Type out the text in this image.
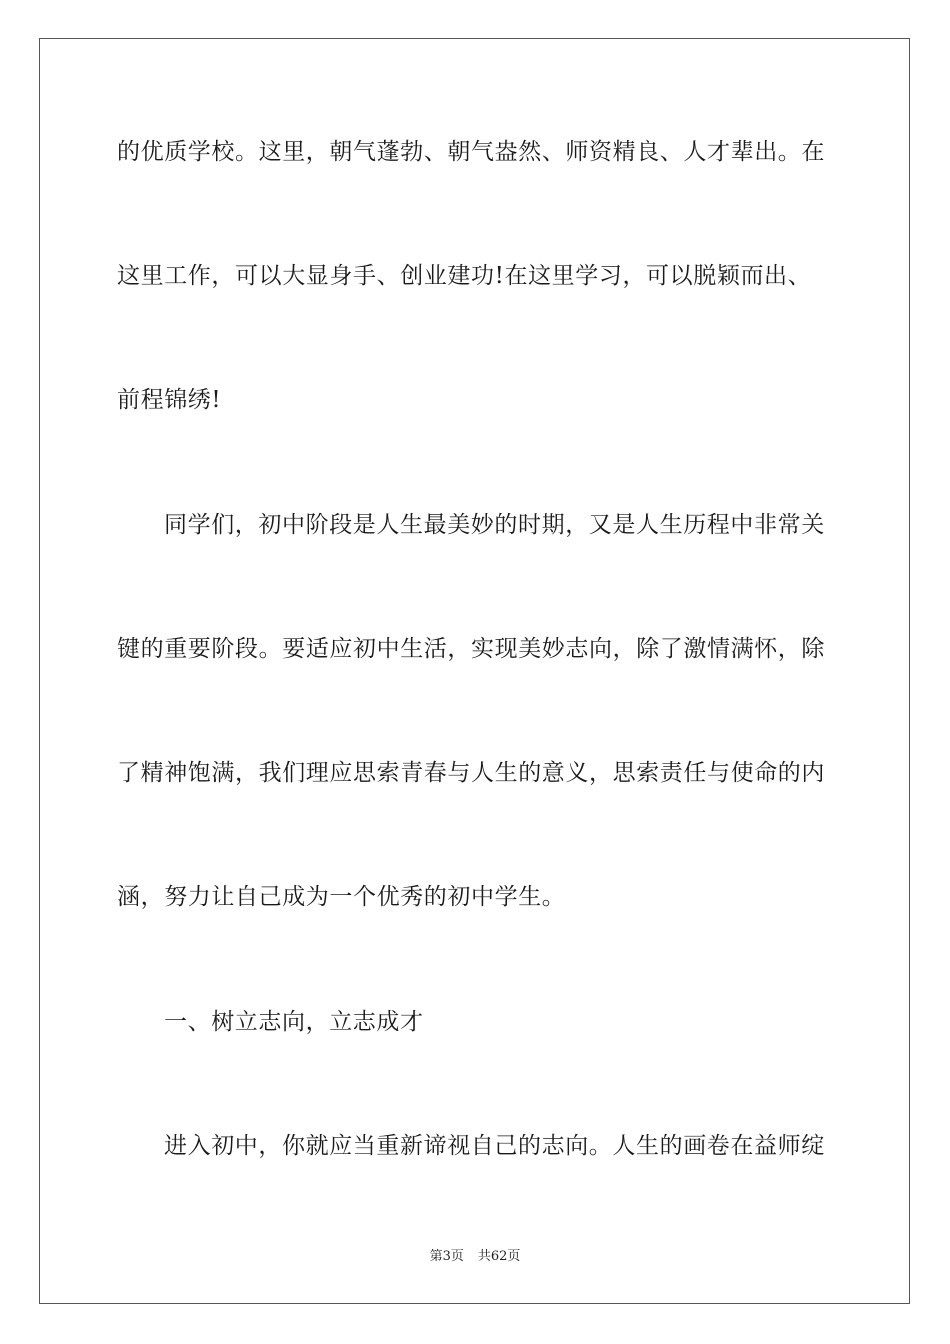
的优质学校。这里，朝气蓬勃、朝气盎然、师资精良、人才辈出。在

这里工作，可以大显身手、创业建功!在这里学习，可以脱颖而出、

前程锦绣!

同学们，初中阶段是人生最美妙的时期，又是人生历程中非常关

键的重要阶段。要适应初中生活，实现美妙志向，除了激情满怀，除

了精神饱满，我们理应思索青春与人生的意义，思索责任与使命的内

涵，努力让自己成为一个优秀的初中学生。

一、树立志向，立志成才

进入初中，你就应当重新谛视自己的志向。人生的画卷在益师绽

第3页 共62页
